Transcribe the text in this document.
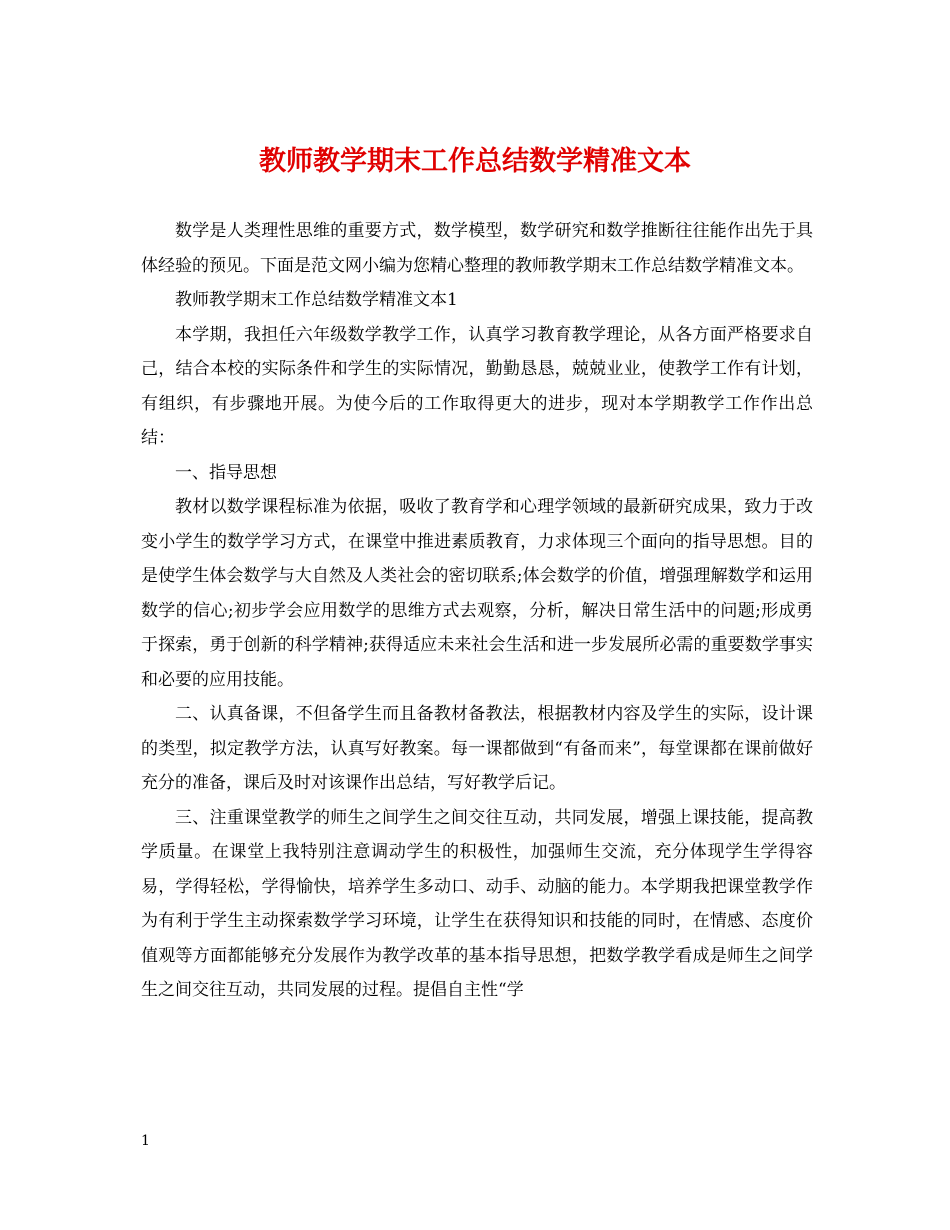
教师教学期末工作总结数学精准文本

数学是人类理性思维的重要方式，数学模型，数学研究和数学推断往往能作出先于具体经验的预见。下面是范文网小编为您精心整理的教师教学期末工作总结数学精准文本。

教师教学期末工作总结数学精准文本1

本学期，我担任六年级数学教学工作，认真学习教育教学理论，从各方面严格要求自己，结合本校的实际条件和学生的实际情况，勤勤恳恳，兢兢业业，使教学工作有计划，有组织，有步骤地开展。为使今后的工作取得更大的进步，现对本学期教学工作作出总结：

一、指导思想

教材以数学课程标准为依据，吸收了教育学和心理学领域的最新研究成果，致力于改变小学生的数学学习方式，在课堂中推进素质教育，力求体现三个面向的指导思想。目的是使学生体会数学与大自然及人类社会的密切联系;体会数学的价值，增强理解数学和运用数学的信心;初步学会应用数学的思维方式去观察，分析，解决日常生活中的问题;形成勇于探索，勇于创新的科学精神;获得适应未来社会生活和进一步发展所必需的重要数学事实和必要的应用技能。

二、认真备课，不但备学生而且备教材备教法，根据教材内容及学生的实际，设计课的类型，拟定教学方法，认真写好教案。每一课都做到“有备而来”，每堂课都在课前做好充分的准备，课后及时对该课作出总结，写好教学后记。

三、注重课堂教学的师生之间学生之间交往互动，共同发展，增强上课技能，提高教学质量。在课堂上我特别注意调动学生的积极性，加强师生交流，充分体现学生学得容易，学得轻松，学得愉快，培养学生多动口、动手、动脑的能力。本学期我把课堂教学作为有利于学生主动探索数学学习环境，让学生在获得知识和技能的同时，在情感、态度价值观等方面都能够充分发展作为教学改革的基本指导思想，把数学教学看成是师生之间学生之间交往互动，共同发展的过程。提倡自主性“学

1
